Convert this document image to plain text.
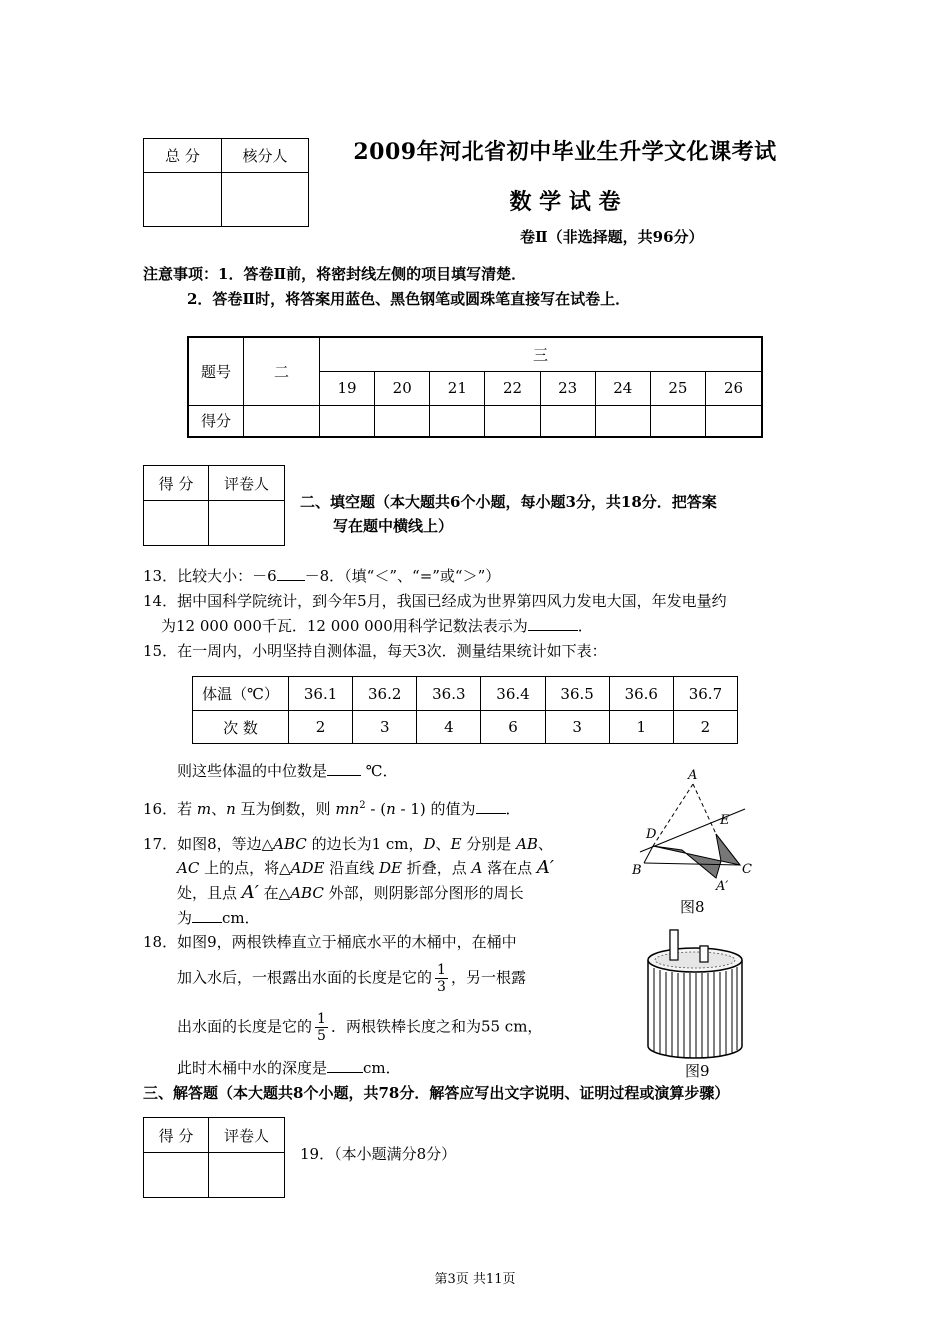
总 分	核分人
		2009年河北省初中毕业生升学文化课考试
数 学 试 卷
卷Ⅱ（非选择题，共96分）
注意事项：1．答卷Ⅱ前，将密封线左侧的项目填写清楚．
2．答卷Ⅱ时，将答案用蓝色、黑色钢笔或圆珠笔直接写在试卷上．
题号	二	三							
		19	20	21	22	23	24	25	26
得分									
得 分	评卷人

二、填空题（本大题共6个小题，每小题3分，共18分．把答案
写在题中横线上）
13．比较大小：－6 －8．（填“＜”、“=”或“＞”）
14．据中国科学院统计，到今年5月，我国已经成为世界第四风力发电大国，年发电量约
为12 000 000千瓦．12 000 000用科学记数法表示为	．
15．在一周内，小明坚持自测体温，每天3次．测量结果统计如下表：
体温（℃）	36.1	36.2	36.3	36.4	36.5	36.6	36.7
次 数	2	3	4	6	3	1	2
则这些体温的中位数是 ℃．
16．若 m、n 互为倒数，则 $mn^2 - (n - 1)$ 的值为 ．
17．如图8，等边△ABC 的边长为1 cm，D、E 分别是 AB、
AC 上的点，将△ADE 沿直线 DE 折叠，点 A 落在点 A′
处，且点 A′ 在△ABC 外部，则阴影部分图形的周长
为 cm．
A
D
E
B	C
A′
图8
18．如图9，两根铁棒直立于桶底水平的木桶中，在桶中
加入水后，一根露出水面的长度是它的 $\frac{1}{3}$ ，另一根露
出水面的长度是它的 $\frac{1}{5}$ ．两根铁棒长度之和为55 cm，
此时木桶中水的深度是 cm．	图9
三、解答题（本大题共8个小题，共78分．解答应写出文字说明、证明过程或演算步骤）
得 分	评卷人

19．（本小题满分8分）
第3页 共11页
